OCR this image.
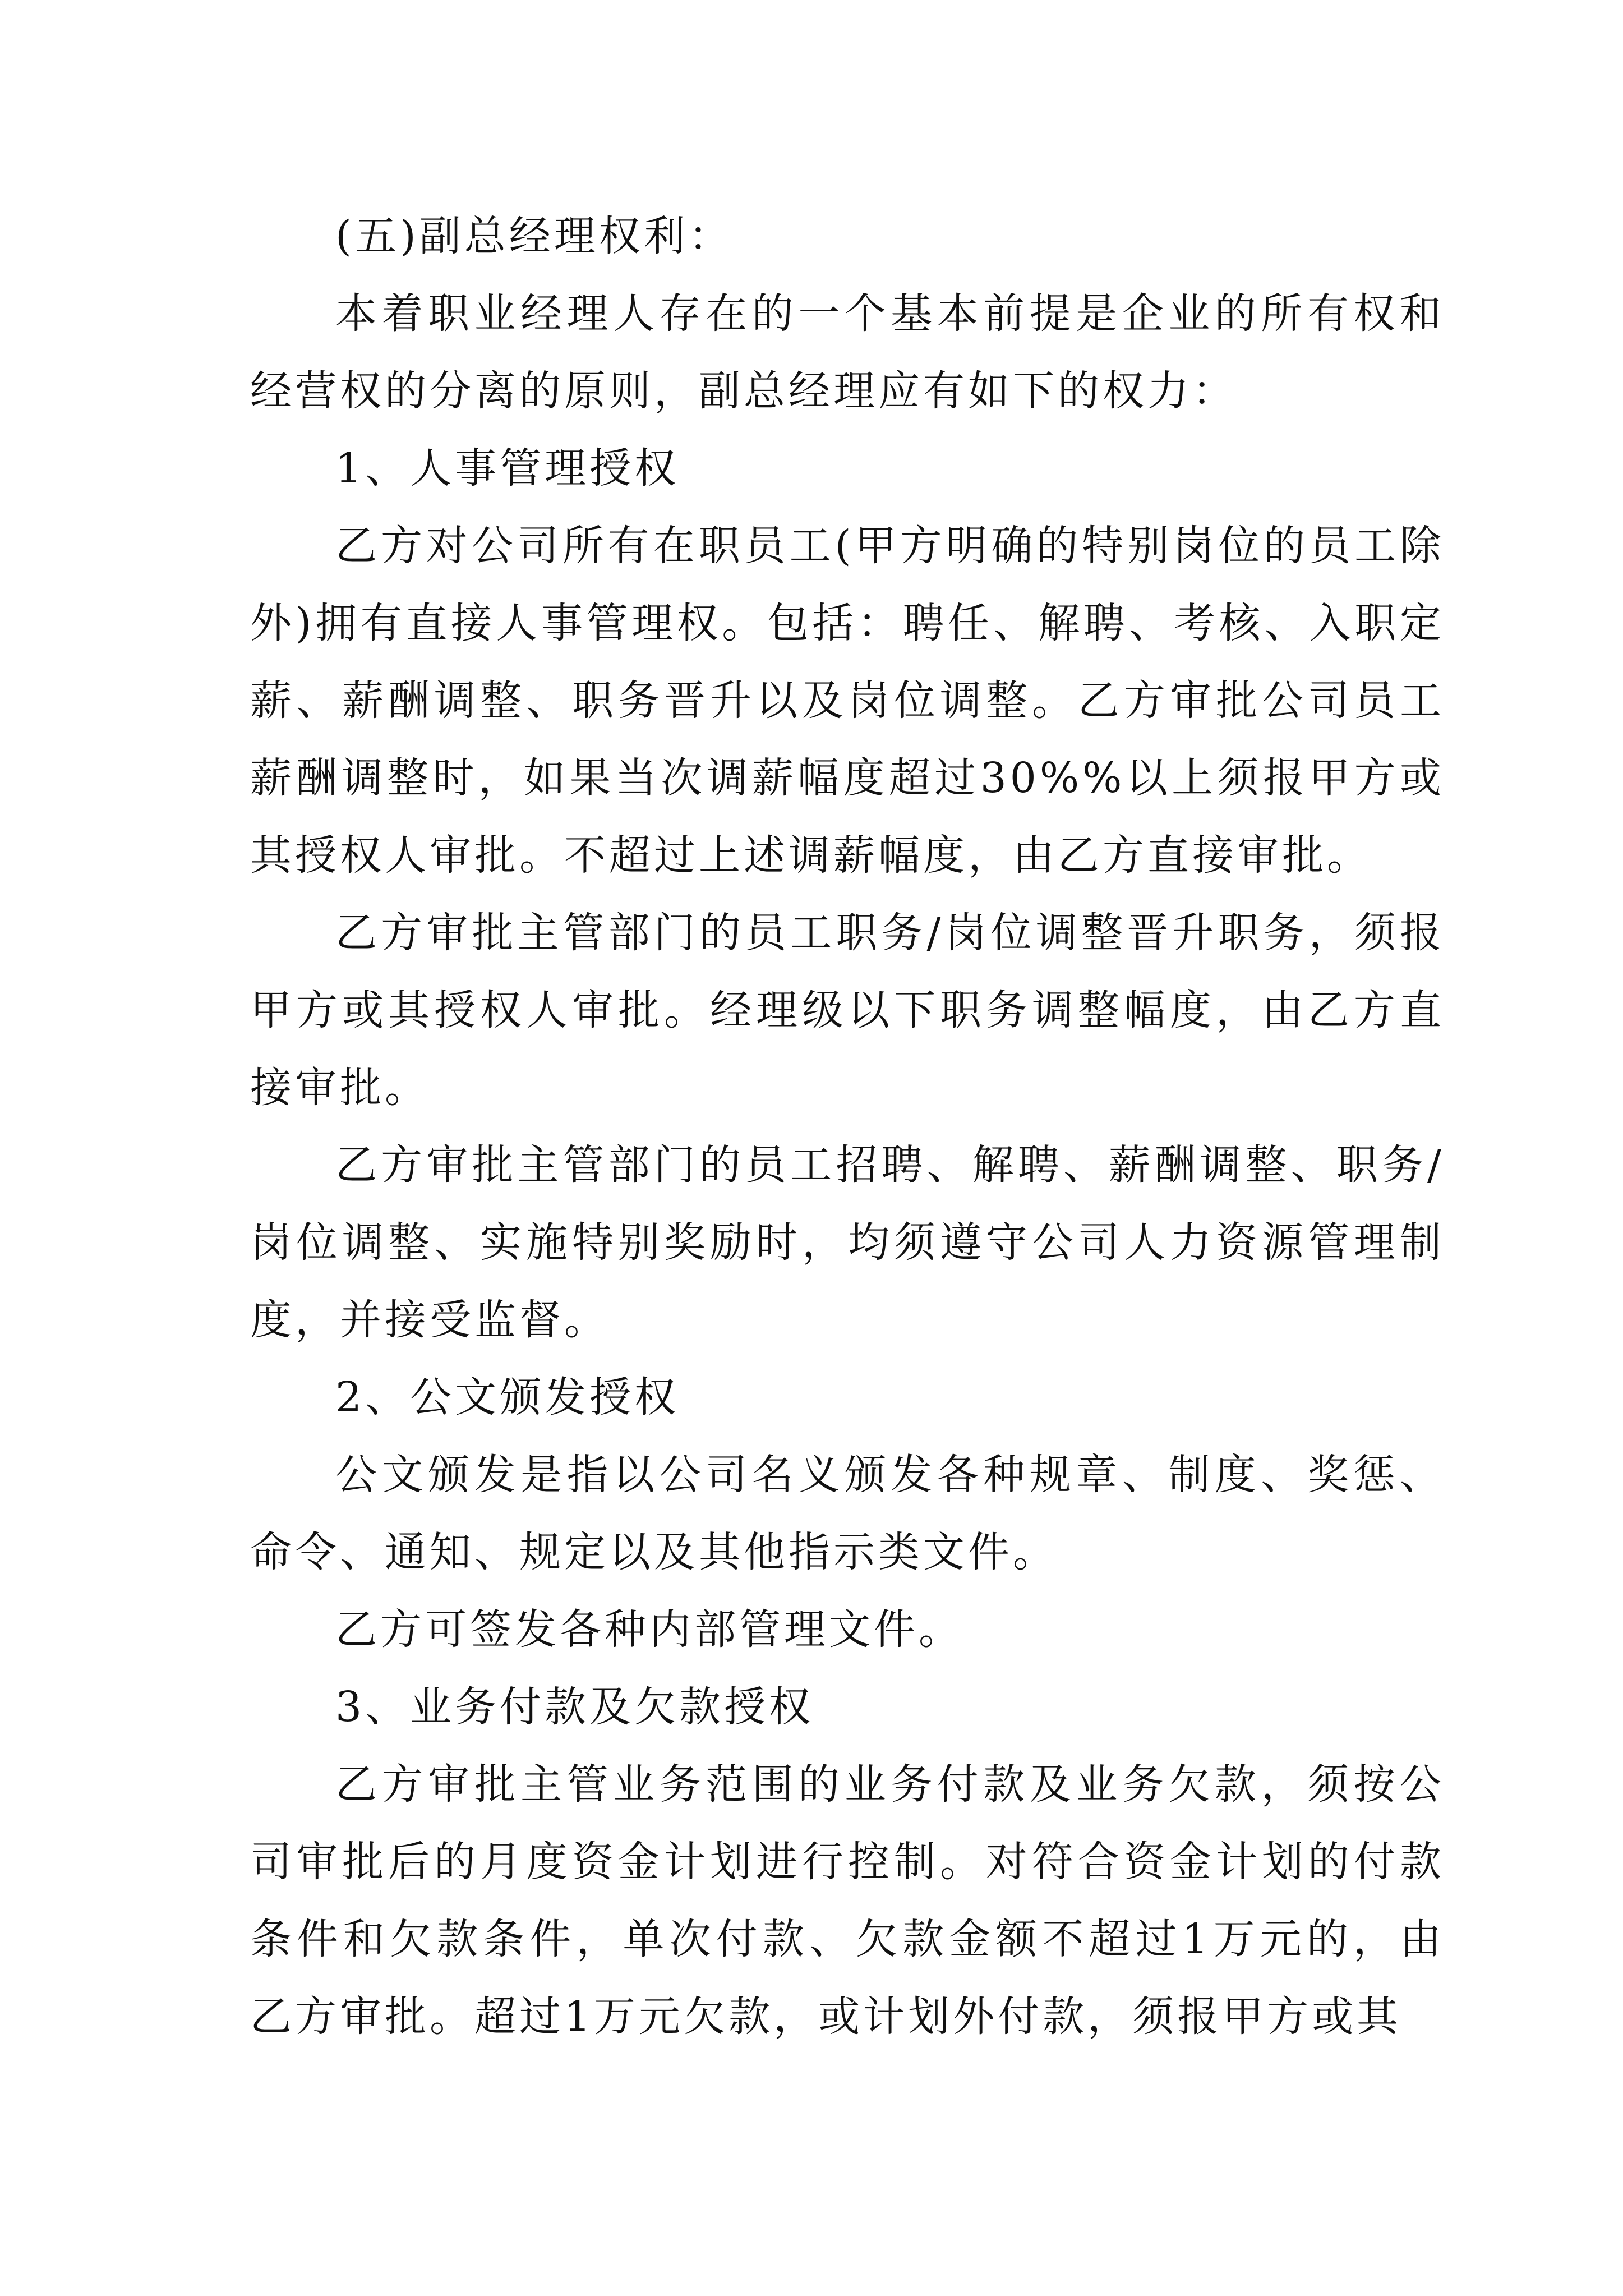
(五)副总经理权利：

本着职业经理人存在的一个基本前提是企业的所有权和经营权的分离的原则，副总经理应有如下的权力：

1、人事管理授权

乙方对公司所有在职员工(甲方明确的特别岗位的员工除外)拥有直接人事管理权。包括：聘任、解聘、考核、入职定薪、薪酬调整、职务晋升以及岗位调整。乙方审批公司员工薪酬调整时，如果当次调薪幅度超过30%%以上须报甲方或其授权人审批。不超过上述调薪幅度，由乙方直接审批。

乙方审批主管部门的员工职务/岗位调整晋升职务，须报甲方或其授权人审批。经理级以下职务调整幅度，由乙方直接审批。

乙方审批主管部门的员工招聘、解聘、薪酬调整、职务/岗位调整、实施特别奖励时，均须遵守公司人力资源管理制度，并接受监督。

2、公文颁发授权

公文颁发是指以公司名义颁发各种规章、制度、奖惩、命令、通知、规定以及其他指示类文件。

乙方可签发各种内部管理文件。

3、业务付款及欠款授权

乙方审批主管业务范围的业务付款及业务欠款，须按公司审批后的月度资金计划进行控制。对符合资金计划的付款条件和欠款条件，单次付款、欠款金额不超过1万元的，由乙方审批。超过1万元欠款，或计划外付款，须报甲方或其
